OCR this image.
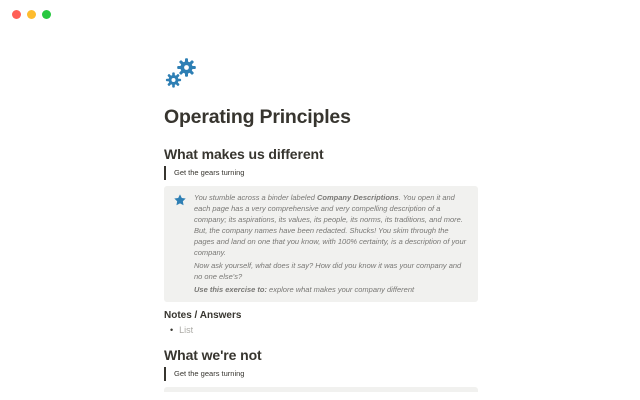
Operating Principles
What makes us different
Get the gears turning

You stumble across a binder labeled Company Descriptions. You open it and each page has a very comprehensive and very compelling description of a company; its aspirations, its values, its people, its norms, its traditions, and more. But, the company names have been redacted. Shucks! You skim through the pages and land on one that you know, with 100% certainty, is a description of your company.

Now ask yourself, what does it say? How did you know it was your company and no one else's?

Use this exercise to: explore what makes your company different

Notes / Answers
• List
What we're not
Get the gears turning
